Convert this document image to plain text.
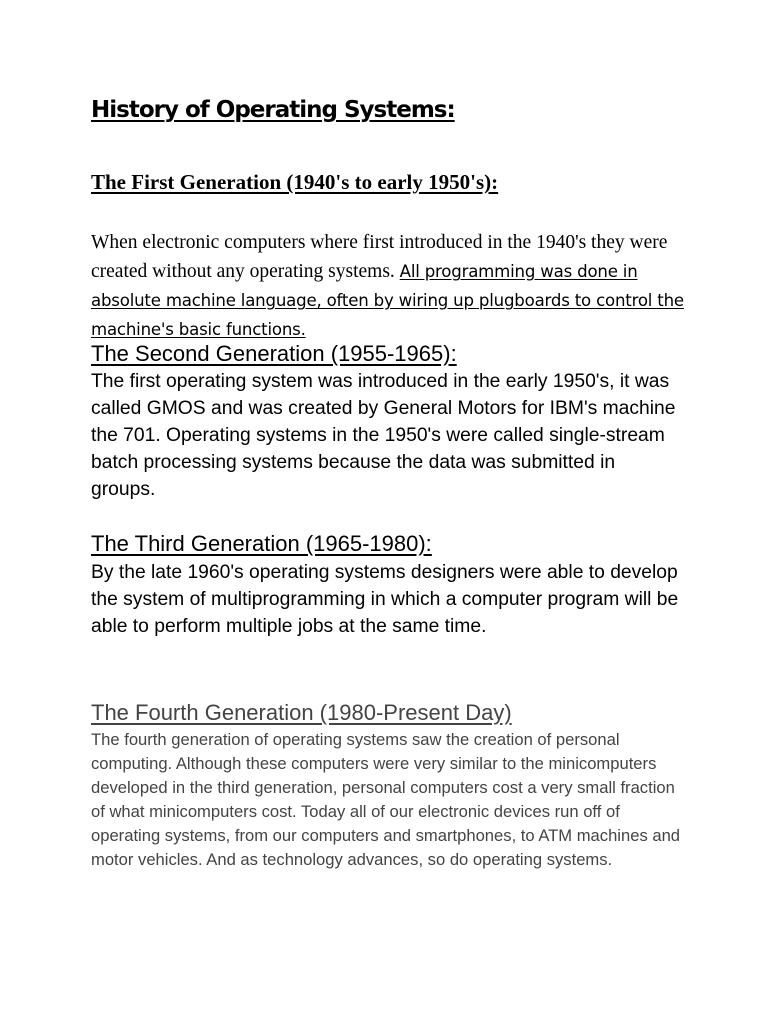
History of Operating Systems:
The First Generation (1940's to early 1950's):

When electronic computers where first introduced in the 1940's they were created without any operating systems. All programming was done in absolute machine language, often by wiring up plugboards to control the machine's basic functions.

The Second Generation (1955-1965):

The first operating system was introduced in the early 1950's, it was called GMOS and was created by General Motors for IBM's machine the 701. Operating systems in the 1950's were called single-stream batch processing systems because the data was submitted in groups.

The Third Generation (1965-1980):

By the late 1960's operating systems designers were able to develop the system of multiprogramming in which a computer program will be able to perform multiple jobs at the same time.

The Fourth Generation (1980-Present Day)

The fourth generation of operating systems saw the creation of personal computing. Although these computers were very similar to the minicomputers developed in the third generation, personal computers cost a very small fraction of what minicomputers cost. Today all of our electronic devices run off of operating systems, from our computers and smartphones, to ATM machines and motor vehicles. And as technology advances, so do operating systems.
